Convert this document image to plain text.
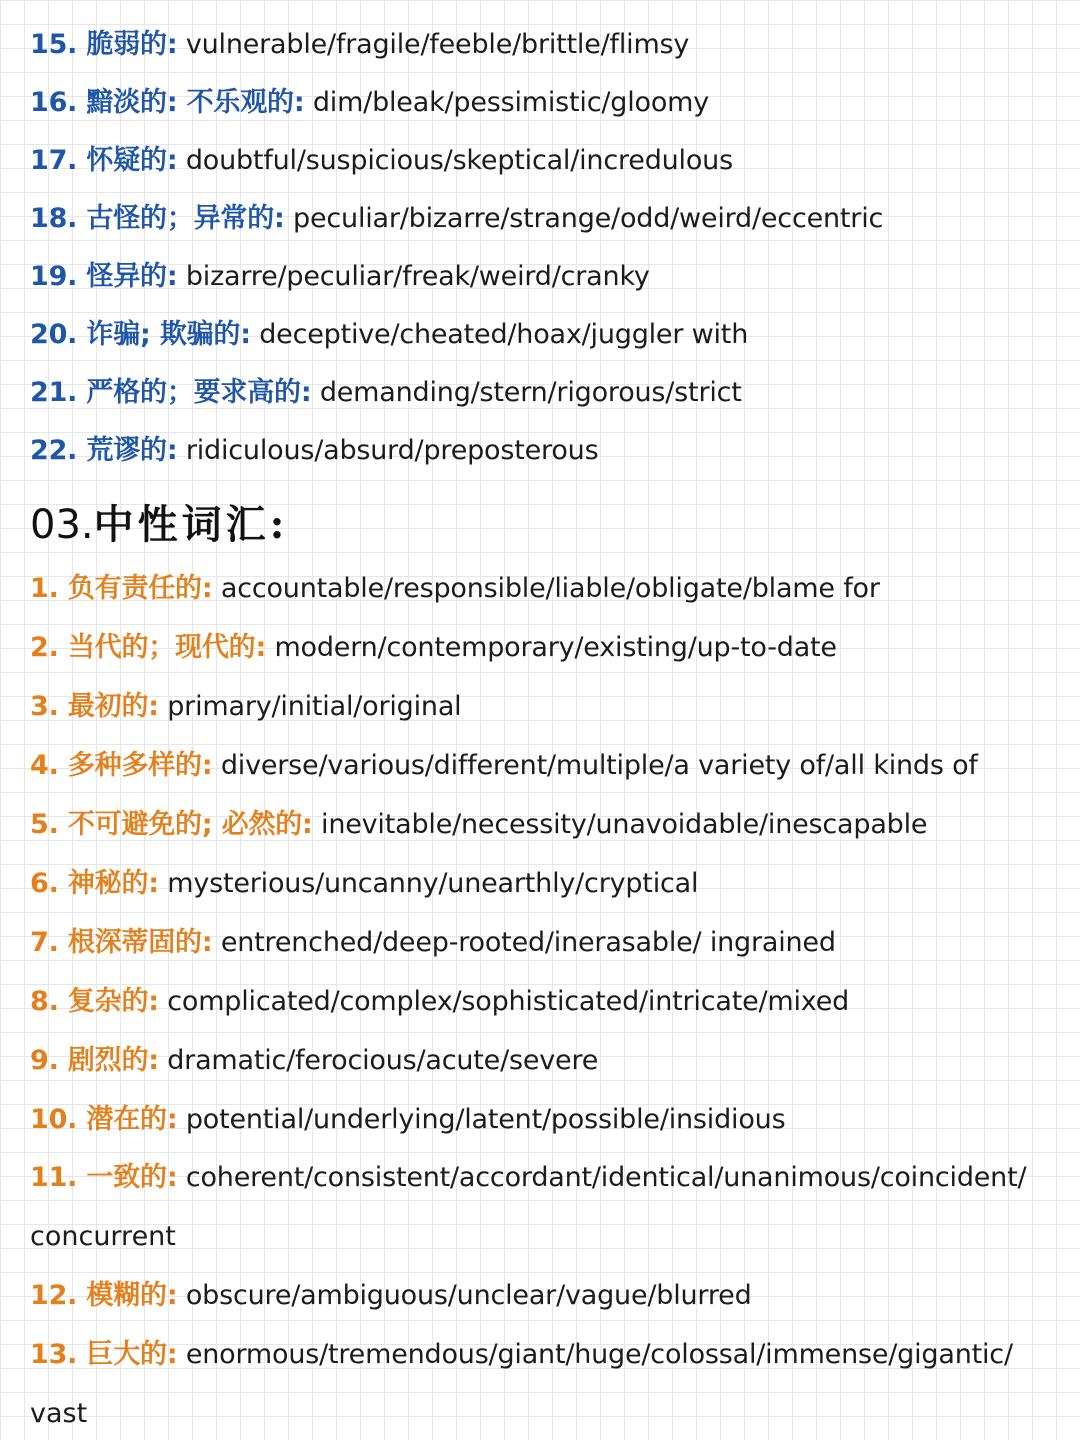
15. 脆弱的: vulnerable/fragile/feeble/brittle/flimsy
16. 黯淡的: 不乐观的: dim/bleak/pessimistic/gloomy
17. 怀疑的: doubtful/suspicious/skeptical/incredulous
18. 古怪的；异常的: peculiar/bizarre/strange/odd/weird/eccentric
19. 怪异的: bizarre/peculiar/freak/weird/cranky
20. 诈骗; 欺骗的: deceptive/cheated/hoax/juggler with
21. 严格的；要求高的: demanding/stern/rigorous/strict
22. 荒谬的: ridiculous/absurd/preposterous
03.中性词汇:
1. 负有责任的: accountable/responsible/liable/obligate/blame for
2. 当代的；现代的: modern/contemporary/existing/up-to-date
3. 最初的: primary/initial/original
4. 多种多样的: diverse/various/different/multiple/a variety of/all kinds of
5. 不可避免的; 必然的: inevitable/necessity/unavoidable/inescapable
6. 神秘的: mysterious/uncanny/unearthly/cryptical
7. 根深蒂固的: entrenched/deep-rooted/inerasable/ ingrained
8. 复杂的: complicated/complex/sophisticated/intricate/mixed
9. 剧烈的: dramatic/ferocious/acute/severe
10. 潜在的: potential/underlying/latent/possible/insidious
11. 一致的: coherent/consistent/accordant/identical/unanimous/coincident/
concurrent
12. 模糊的: obscure/ambiguous/unclear/vague/blurred
13. 巨大的: enormous/tremendous/giant/huge/colossal/immense/gigantic/
vast
